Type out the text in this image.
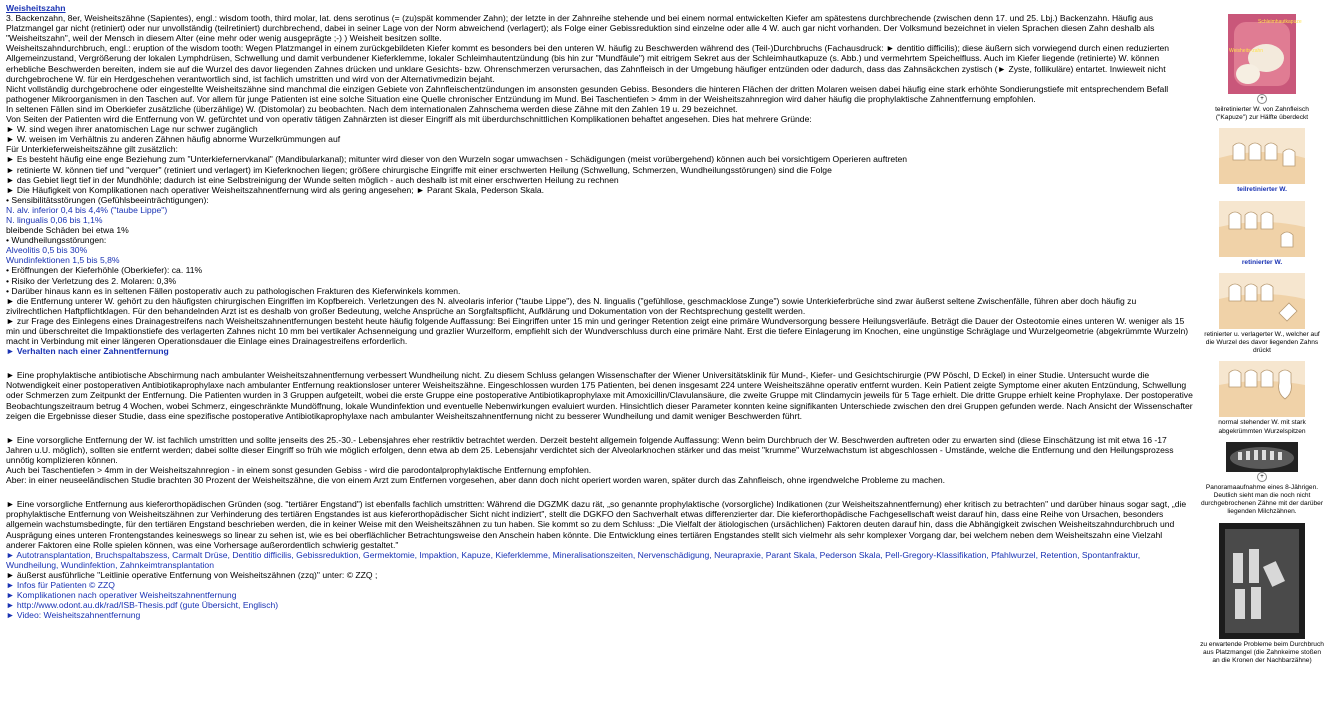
Weisheitszahn

3. Backenzahn, 8er, Weisheitszähne (Sapientes), engl.: wisdom tooth, third molar, lat. dens serotinus (= (zu)spät kommender Zahn); der letzte in der Zahnreihe stehende und bei einem normal entwickelten Kiefer am spätestens durchbrechende (zwischen denn 17. und 25. Lbj.) Backenzahn. Häufig aus Platzmangel gar nicht (retiniert) oder nur unvollständig (teilretiniert) durchbrechend, dabei in seiner Lage von der Norm abweichend (verlagert); als Folge einer Gebissreduktion sind einzelne oder alle 4 W. auch gar nicht vorhanden. Der Volksmund bezeichnet in vielen Sprachen diesen Zahn deshalb als "Weisheitszahn", weil der Mensch in diesem Alter (eine mehr oder wenig ausgeprägte ;-) ) Weisheit besitzen sollte.

Weisheitszahndurchbruch, engl.: eruption of the wisdom tooth: Wegen Platzmangel in einem zurückgebildeten Kiefer kommt es besonders bei den unteren W. häufig zu Beschwerden während des (Teil-)Durchbruchs (Fachausdruck: ► dentitio difficilis); diese äußern sich vorwiegend durch einen reduzierten Allgemeinzustand, Vergrößerung der lokalen Lymphdrüsen, Schwellung und damit verbundener Kieferklemme, lokaler Schleimhautentzündung (bis hin zur "Mundfäule") mit eitrigem Sekret aus der Schleimhautkapuze (s. Abb.) und vermehrtem Speichelfluss. Auch im Kiefer liegende (retinierte) W. können erhebliche Beschwerden bereiten, indem sie auf die Wurzel des davor liegenden Zahnes drücken und unklare Gesichts- bzw. Ohrenschmerzen verursachen, das Zahnfleisch in der Umgebung häufiger entzünden oder dadurch, dass das Zahnsäckchen zystisch (► Zyste, follikuläre) entartet. Inwieweit nicht durchgebrochene W. für ein Herdgeschehen verantwortlich sind, ist fachlich umstritten und wird von der Alternativmedizin bejaht.

Nicht vollständig durchgebrochene oder eingestellte Weisheitszähne sind manchmal die einzigen Gebiete von Zahnfleischentzündungen im ansonsten gesunden Gebiss. Besonders die hinteren Flächen der dritten Molaren weisen dabei häufig eine stark erhöhte Sondierungstiefe mit entsprechendem Befall pathogener Mikroorganismen in den Taschen auf. Vor allem für junge Patienten ist eine solche Situation eine Quelle chronischer Entzündung im Mund. Bei Taschentiefen > 4mm in der Weisheitszahnregion wird daher häufig die prophylaktische Zahnentfernung empfohlen.

In seltenen Fällen sind im Oberkiefer zusätzliche (überzählige) W. (Distomolar) zu beobachten. Nach dem internationalen Zahnschema werden diese Zähne mit den Zahlen 19 u. 29 bezeichnet.

Von Seiten der Patienten wird die Entfernung von W. gefürchtet und von operativ tätigen Zahnärzten ist dieser Eingriff als mit überdurchschnittlichen Komplikationen behaftet angesehen. Dies hat mehrere Gründe:

► W. sind wegen ihrer anatomischen Lage nur schwer zugänglich

► W. weisen im Verhältnis zu anderen Zähnen häufig abnorme Wurzelkrümmungen auf

Für Unterkieferweisheitszähne gilt zusätzlich:

► Es besteht häufig eine enge Beziehung zum "Unterkiefernervkanal" (Mandibularkanal); mitunter wird dieser von den Wurzeln sogar umwachsen - Schädigungen (meist vorübergehend) können auch bei vorsichtigem Operieren auftreten

► retinierte W. können tief und "verquer" (retiniert und verlagert) im Kieferknochen liegen; größere chirurgische Eingriffe mit einer erschwerten Heilung (Schwellung, Schmerzen, Wundheilungsstörungen) sind die Folge

► das Gebiet liegt tief in der Mundhöhle; dadurch ist eine Selbstreinigung der Wunde selten möglich - auch deshalb ist mit einer erschwerten Heilung zu rechnen

► Die Häufigkeit von Komplikationen nach operativer Weisheitszahnentfernung wird als gering angesehen; ► Parant Skala, Pederson Skala.

• Sensibilitätsstörungen (Gefühlsbeeinträchtigungen):

N. alv. inferior 0,4 bis 4,4% ("taube Lippe")

N. lingualis 0,06 bis 1,1%

bleibende Schäden bei etwa 1%

• Wundheilungsstörungen:

Alveolitis 0,5 bis 30%

Wundinfektionen 1,5 bis 5,8%

• Eröffnungen der Kieferhöhle (Oberkiefer): ca. 11%

• Risiko der Verletzung des 2. Molaren: 0,3%

• Darüber hinaus kann es in seltenen Fällen postoperativ auch zu pathologischen Frakturen des Kieferwinkels kommen.

► die Entfernung unterer W. gehört zu den häufigsten chirurgischen Eingriffen im Kopfbereich. Verletzungen des N. alveolaris inferior ("taube Lippe"), des N. lingualis ("gefühllose, geschmacklose Zunge") sowie Unterkieferbrüche sind zwar äußerst seltene Zwischenfälle, führen aber doch häufig zu zivilrechtlichen Haftpflichtklagen. Für den behandelnden Arzt ist es deshalb von großer Bedeutung, welche Ansprüche an Sorgfaltspflicht, Aufklärung und Dokumentation von der Rechtsprechung gestellt werden.

► zur Frage des Einlegens eines Drainagestreifens nach Weisheitszahnentfernungen besteht heute häufig folgende Auffassung: Bei Eingriffen unter 15 min und geringer Retention zeigt eine primäre Wundversorgung bessere Heilungsverläufe. Beträgt die Dauer der Osteotomie eines unteren W. weniger als 15 min und überschreitet die Impaktionstiefe des verlagerten Zahnes nicht 10 mm bei vertikaler Achsenneigung und grazlier Wurzelform, empfiehlt sich der Wundverschluss durch eine primäre Naht. Erst die tiefere Einlagerung im Knochen, eine ungünstige Schräglage und Wurzelgeometrie (abgekrümmte Wurzeln) macht in Verbindung mit einer längeren Operationsdauer die Einlage eines Drainagestreifens erforderlich.

► Verhalten nach einer Zahnentfernung

► Eine prophylaktische antibiotische Abschirmung nach ambulanter Weisheitszahnentfernung verbessert Wundheilung nicht. Zu diesem Schluss gelangen Wissenschafter der Wiener Universitätsklinik für Mund-, Kiefer- und Gesichtschirurgie (PW Pöschl, D Eckel) in einer Studie. Untersucht wurde die Notwendigkeit einer postoperativen Antibiotikaprophylaxe nach ambulanter Entfernung reaktionsloser unterer Weisheitszähne. Eingeschlossen wurden 175 Patienten, bei denen insgesamt 224 untere Weisheitszähne operativ entfernt wurden. Kein Patient zeigte Symptome einer akuten Entzündung, Schwellung oder Schmerzen zum Zeitpunkt der Entfernung. Die Patienten wurden in 3 Gruppen aufgeteilt, wobei die erste Gruppe eine postoperative Antibiotikaprophylaxe mit Amoxicillin/Clavulansäure, die zweite Gruppe mit Clindamycin jeweils für 5 Tage erhielt. Die dritte Gruppe erhielt keine Prophylaxe. Der postoperative Beobachtungszeitraum betrug 4 Wochen, wobei Schmerz, eingeschränkte Mundöffnung, lokale Wundinfektion und eventuelle Nebenwirkungen evaluiert wurden. Hinsichtlich dieser Parameter konnten keine signifikanten Unterschiede zwischen den drei Gruppen gefunden werde. Nach Ansicht der Wissenschafter zeigen die Ergebnisse dieser Studie, dass eine spezifische postoperative Antibiotikaprophylaxe nach ambulanter Weisheitszahnentfernung nicht zu besserer Wundheilung und damit weniger Beschwerden führt.

► Eine vorsorgliche Entfernung der W. ist fachlich umstritten und sollte jenseits des 25.-30.- Lebensjahres eher restriktiv betrachtet werden. Derzeit besteht allgemein folgende Auffassung: Wenn beim Durchbruch der W. Beschwerden auftreten oder zu erwarten sind (diese Einschätzung ist mit etwa 16 -17 Jahren u.U. möglich), sollten sie entfernt werden; dabei sollte dieser Eingriff so früh wie möglich erfolgen, denn etwa ab dem 25. Lebensjahr verdichtet sich der Alveolarknochen stärker und das meist "krumme" Wurzelwachstum ist abgeschlossen - Umstände, welche die Entfernung und den Heilungsprozess unnötig komplizieren können.

Auch bei Taschentiefen > 4mm in der Weisheitszahnregion - in einem sonst gesunden Gebiss - wird die parodontalprophylaktische Entfernung empfohlen.

Aber: in einer neuseeländischen Studie brachten 30 Prozent der Weisheitszähne, die von einem Arzt zum Entfernen vorgesehen, aber dann doch nicht operiert worden waren, später durch das Zahnfleisch, ohne irgendwelche Probleme zu machen.

► Eine vorsorgliche Entfernung aus kieferorthopädischen Gründen (sog. "tertiärer Engstand") ist ebenfalls fachlich umstritten: Während die DGZMK dazu rät, „so genannte prophylaktische (vorsorgliche) Indikationen (zur Weisheitszahnentfernung) eher kritisch zu betrachten" und darüber hinaus sogar sagt, „die prophylaktische Entfernung von Weisheitszähnen zur Verhinderung des tertiären Engstandes ist aus kieferorthopädischer Sicht nicht indiziert", stellt die DGKFO den Sachverhalt etwas differenzierter dar. Die kieferorthopädische Fachgesellschaft weist darauf hin, dass eine Reihe von Ursachen, besonders allgemein wachstumsbedingte, für den tertiären Engstand beschrieben werden, die in keiner Weise mit den Weisheitszähnen zu tun haben. Sie kommt so zu dem Schluss: „Die Vielfalt der ätiologischen (ursächlichen) Faktoren deuten darauf hin, dass die Abhängigkeit zwischen Weisheitszahndurchbruch und Ausprägung eines unteren Frontengstandes keineswegs so linear zu sehen ist, wie es bei oberflächlicher Betrachtungsweise den Anschein haben könnte. Die Entwicklung eines tertiären Engstandes stellt sich vielmehr als sehr komplexer Vorgang dar, bei welchem neben dem Weisheitszahn eine Vielzahl anderer Faktoren eine Rolle spielen können, was eine Vorhersage außerordentlich schwierig gestaltet."

► Autotransplantation, Bruchspaltabszess, Carmalt Drüse, Dentitio difficilis, Gebissreduktion, Germektomie, Impaktion, Kapuze, Kieferklemme, Mineralisationszeiten, Nervenschädigung, Neurapraxie, Parant Skala, Pederson Skala, Pell-Gregory-Klassifikation, Pfahlwurzel, Retention, Spontanfraktur, Wundheilung, Wundinfektion, Zahnkeimtransplantation

► äußerst ausführliche "Leitlinie operative Entfernung von Weisheitszähnen (zzq)" unter: © ZZQ ;

► Infos für Patienten © ZZQ

► Komplikationen nach operativer Weisheitszahnentfernung

► http://www.odont.au.dk/rad/ISB-Thesis.pdf (gute Übersicht, Englisch)

► Video: Weisheitszahnentfernung

Schleimhautkapuze
Weisheits-zahn
+
teilretinierter W. von Zahnfleisch ("Kapuze") zur Hälfte überdeckt
teilretinierter W.
retinierter W.
retinierter u. verlagerter W., welcher auf die Wurzel des davor liegenden Zahns drückt
normal stehender W. mit stark abgekrümmten Wurzelspitzen
+
Panoramaaufnahme eines 8-Jährigen. Deutlich sieht man die noch nicht durchgebrochenen Zähne mit der darüber liegenden Milchzähnen.
zu erwartende Probleme beim Durchbruch aus Platzmangel (die Zahnkeime stoßen an die Kronen der Nachbarzähne)
